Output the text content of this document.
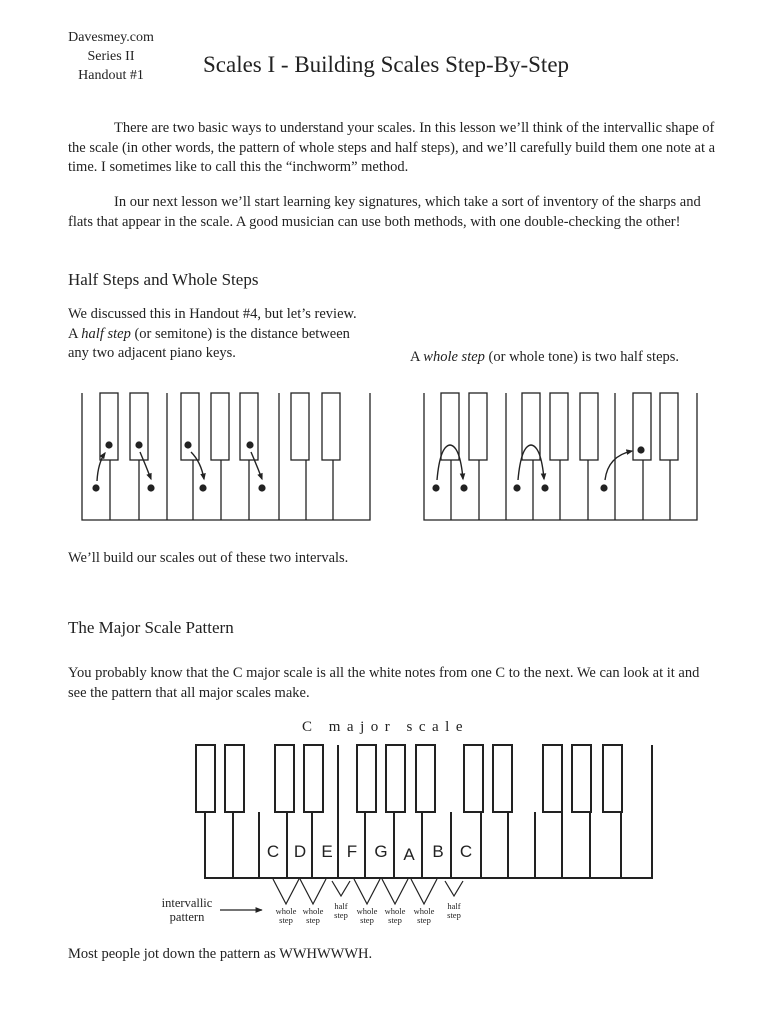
Davesmey.com
Series II
Handout #1	Scales I - Building Scales Step-By-Step

There are two basic ways to understand your scales. In this lesson we’ll think of the intervallic shape of the scale (in other words, the pattern of whole steps and half steps), and we’ll carefully build them one note at a time. I sometimes like to call this the “inchworm” method.

In our next lesson we’ll start learning key signatures, which take a sort of inventory of the sharps and flats that appear in the scale. A good musician can use both methods, with one double-checking the other!

Half Steps and Whole Steps
We discussed this in Handout #4, but let’s review.
A half step (or semitone) is the distance between
any two adjacent piano keys.	A whole step (or whole tone) is two half steps.
We’ll build our scales out of these two intervals.
The Major Scale Pattern
You probably know that the C major scale is all the white notes from one C to the next. We can look at it and see the pattern that all major scales make.
C major scale
C D E F	G A	B C
whole
step
whole
step
half
step	whole
step
whole
step
whole
step
half
step
intervallic
pattern
Most people jot down the pattern as WWHWWWH.
